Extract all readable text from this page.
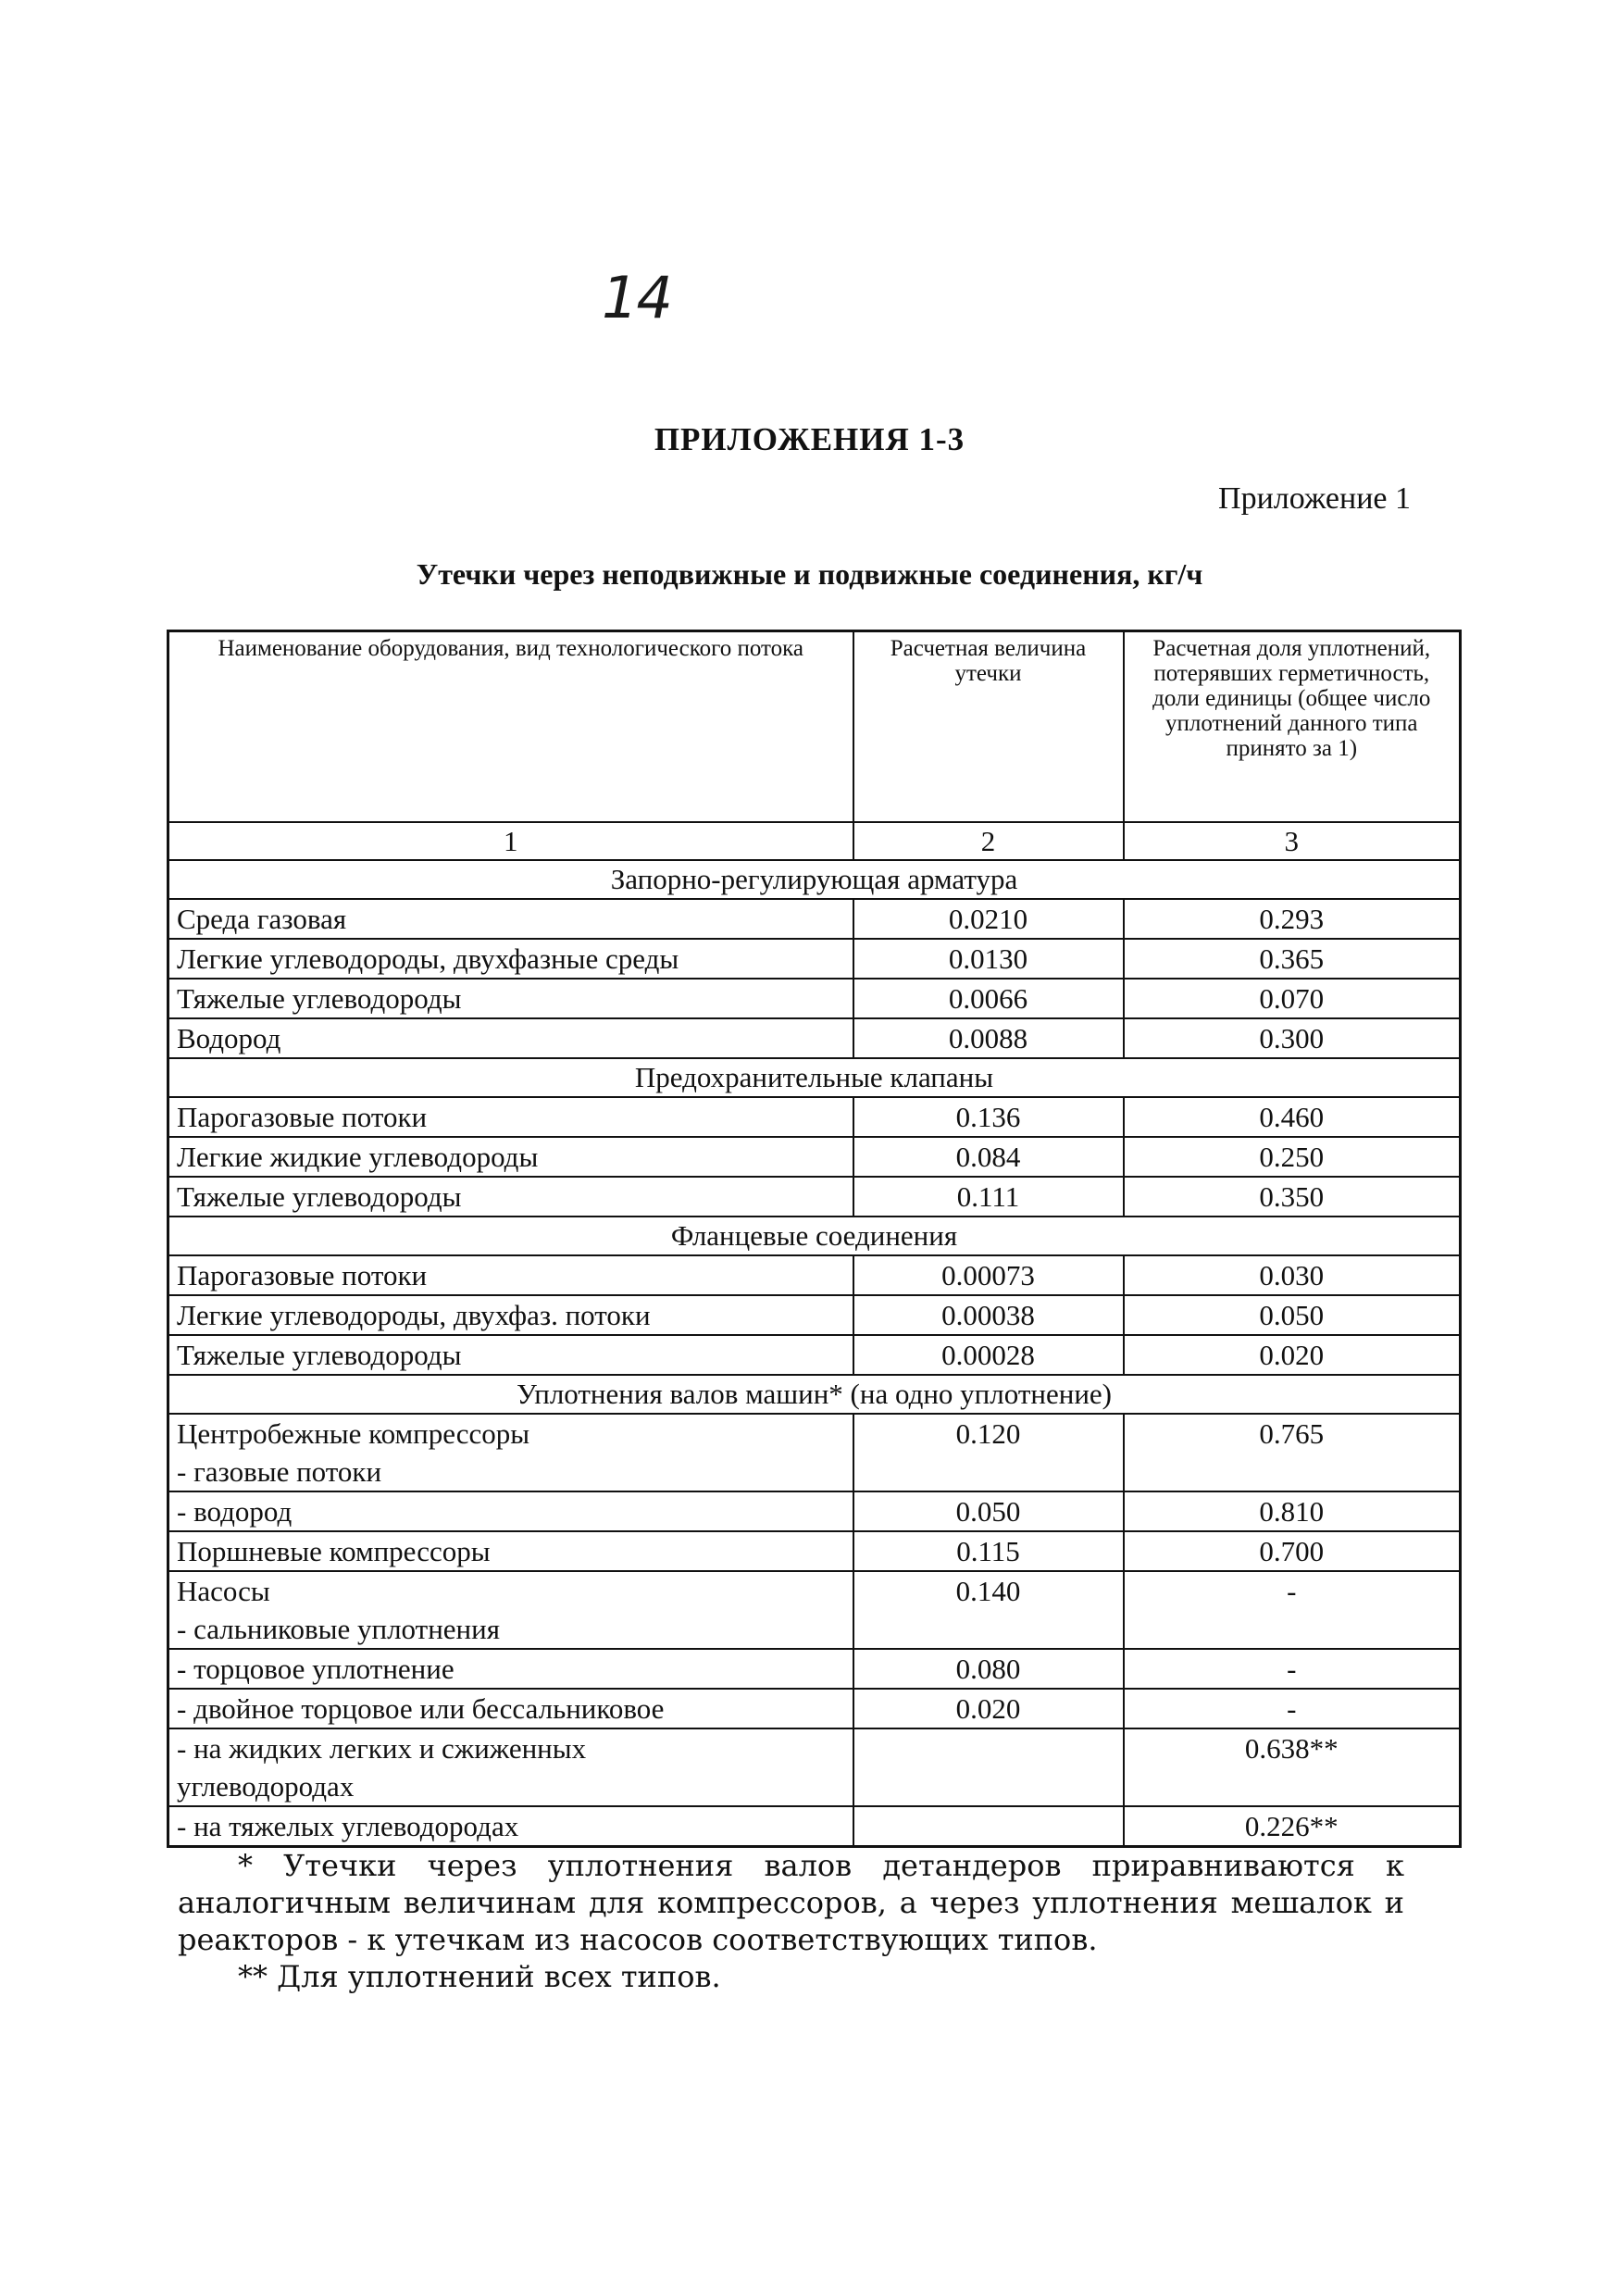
14
ПРИЛОЖЕНИЯ 1-3
Приложение 1
Утечки через неподвижные и подвижные соединения, кг/ч
Наименование оборудования, вид технологического потока	Расчетная величина утечки	Расчетная доля уплотнений, потерявших герметичность, доли единицы (общее число уплотнений данного типа принято за 1)
1	2	3
Запорно-регулирующая арматура		

Среда газовая	0.0210	0.293

Легкие углеводороды, двухфазные среды	0.0130	0.365

Тяжелые углеводороды	0.0066	0.070

Водород	0.0088	0.300
Предохранительные клапаны		

Парогазовые потоки	0.136	0.460

Легкие жидкие углеводороды	0.084	0.250

Тяжелые углеводороды	0.111	0.350
Фланцевые соединения		

Парогазовые потоки	0.00073	0.030

Легкие углеводороды, двухфаз. потоки	0.00038	0.050

Тяжелые углеводороды	0.00028	0.020
Уплотнения валов машин* (на одно уплотнение)		

Центробежные компрессоры
- газовые потоки	0.120	0.765

- водород	0.050	0.810

Поршневые компрессоры	0.115	0.700

Насосы
- сальниковые уплотнения	0.140	-

- торцовое уплотнение	0.080	-

- двойное торцовое или бессальниковое	0.020	-

- на жидких легких и сжиженных
углеводородах		0.638**

- на тяжелых углеводородах		0.226**

* Утечки через уплотнения валов детандеров приравниваются к аналогичным величинам для компрессоров, а через уплотнения мешалок и реакторов - к утечкам из насосов соответствующих типов.

** Для уплотнений всех типов.
